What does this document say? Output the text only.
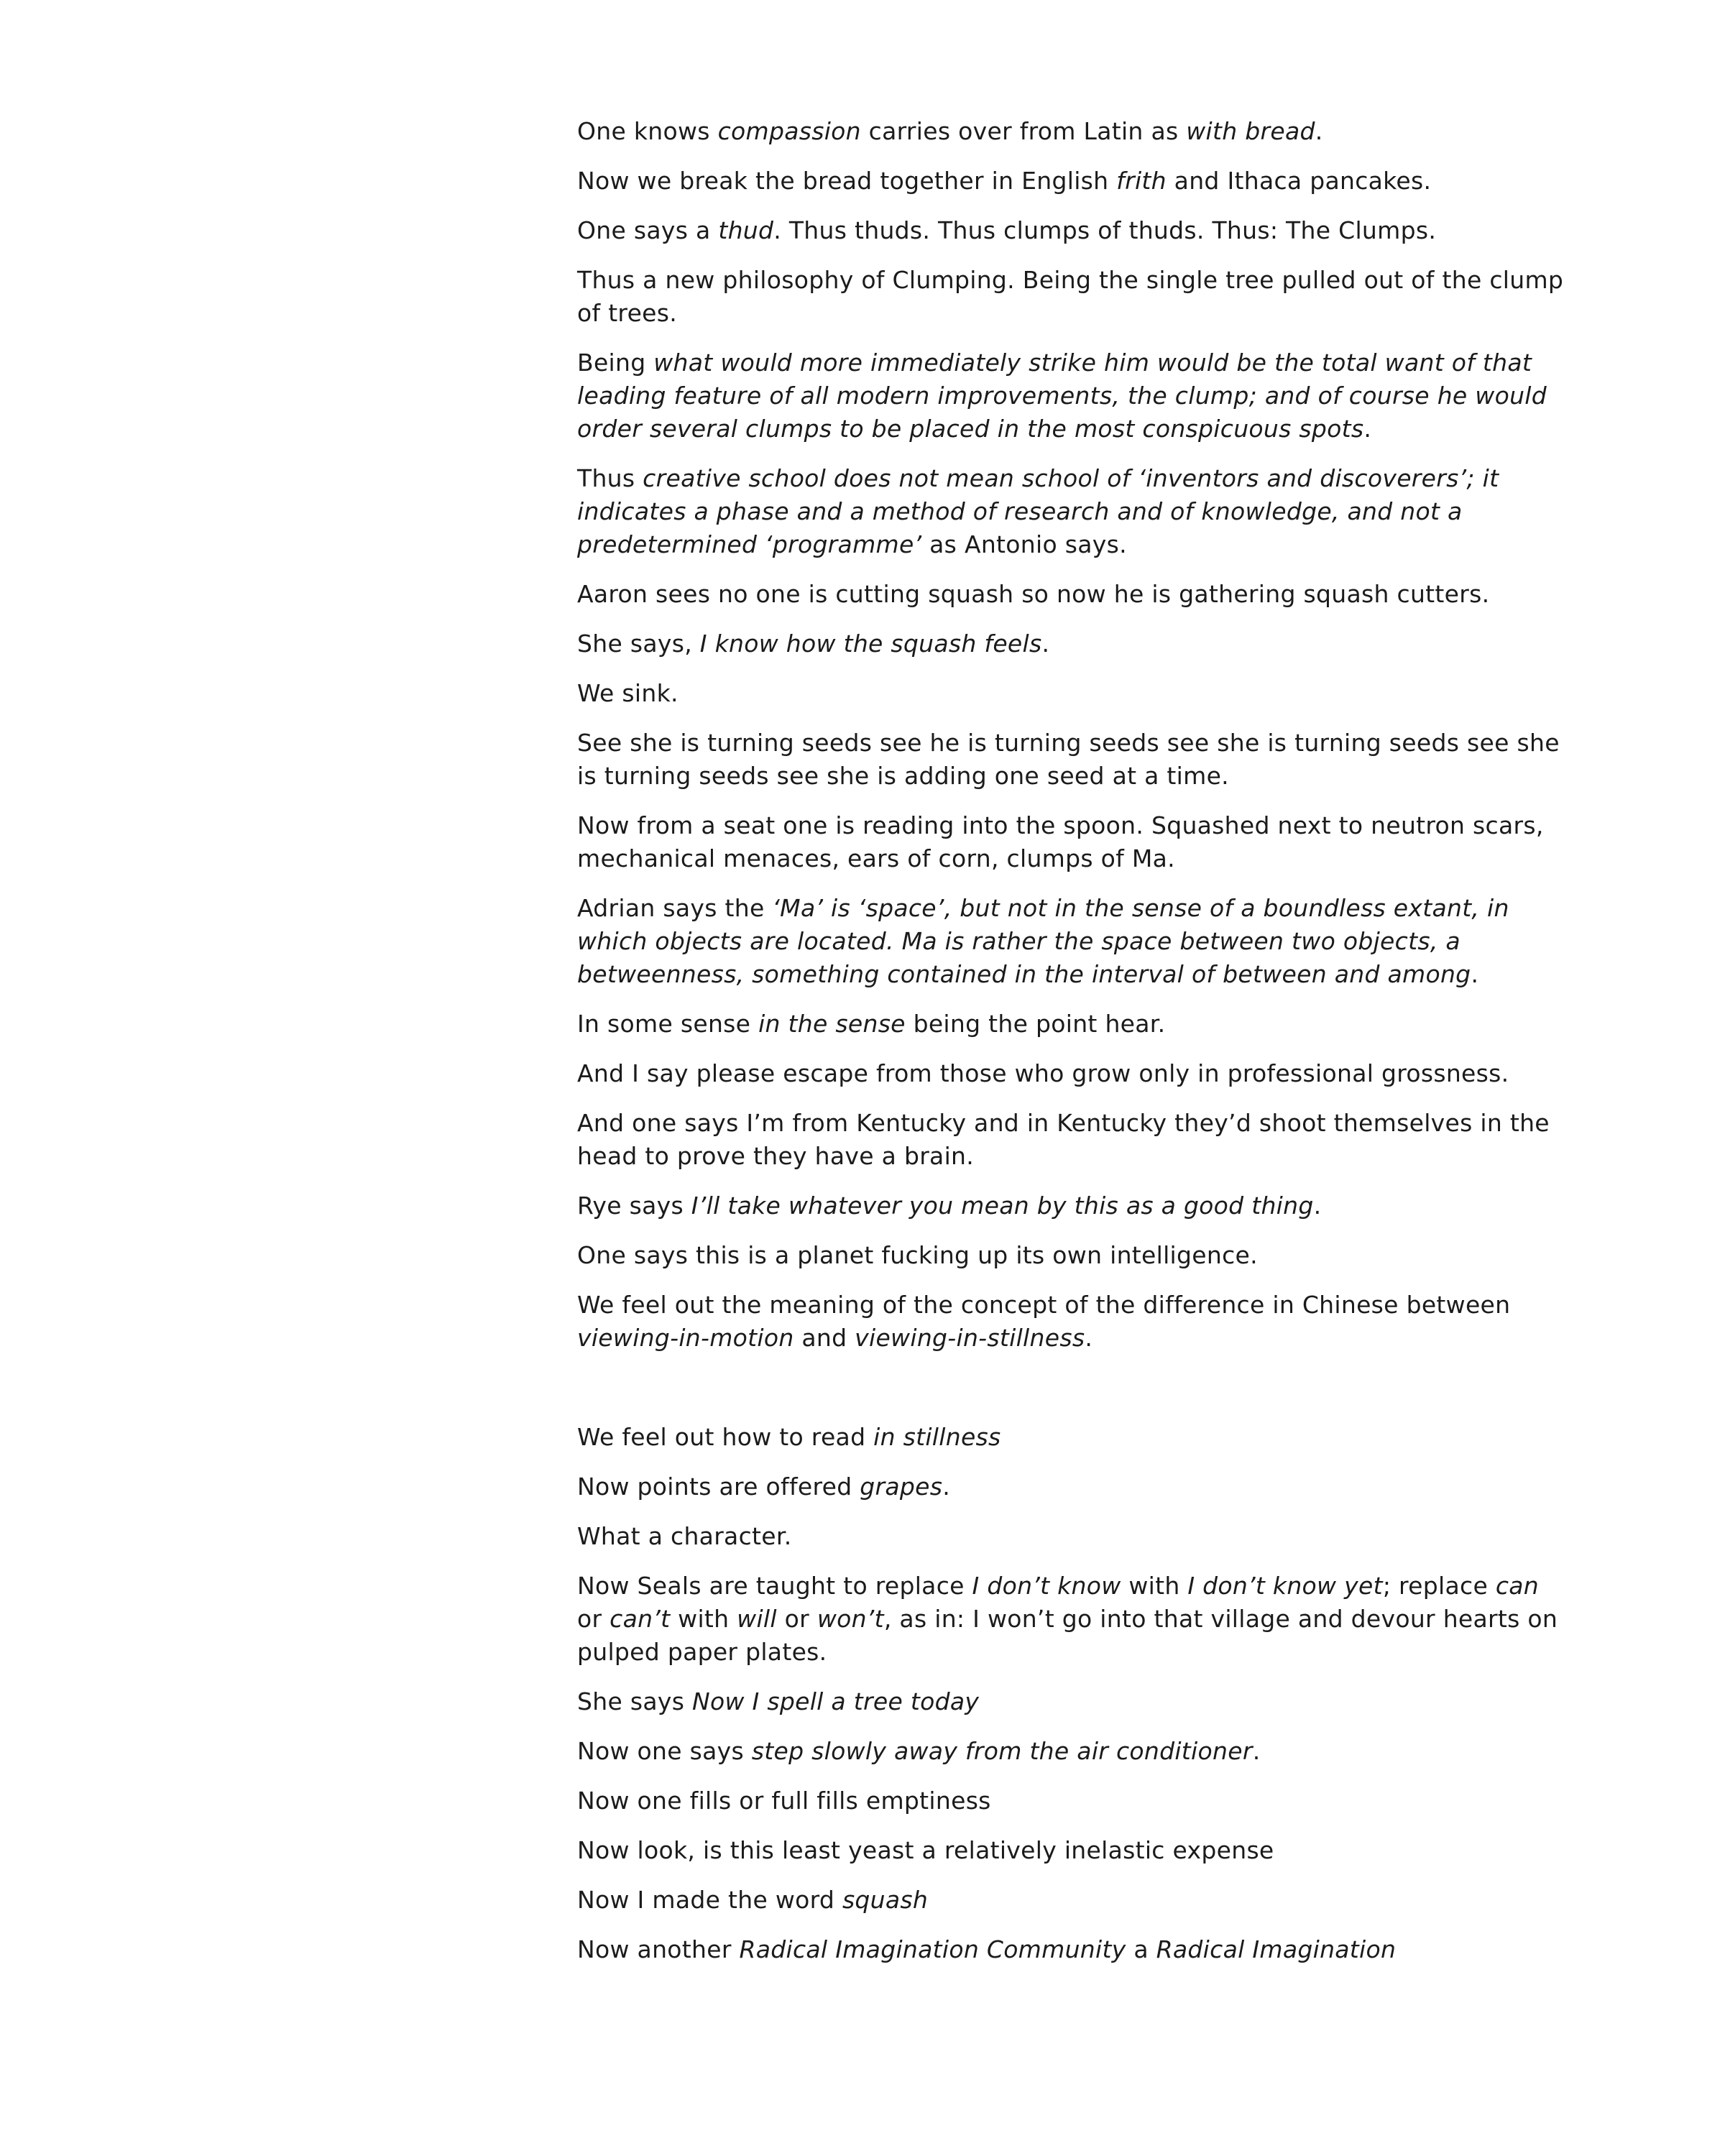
One knows compassion carries over from Latin as with bread.

Now we break the bread together in English frith and Ithaca pancakes.

One says a thud. Thus thuds. Thus clumps of thuds. Thus: The Clumps.

Thus a new philosophy of Clumping. Being the single tree pulled out of the clump of trees.

Being what would more immediately strike him would be the total want of that leading feature of all modern improvements, the clump; and of course he would order several clumps to be placed in the most conspicuous spots.

Thus creative school does not mean school of ‘inventors and discoverers’; it indicates a phase and a method of research and of knowledge, and not a predetermined ‘programme’ as Antonio says.

Aaron sees no one is cutting squash so now he is gathering squash cutters.

She says, I know how the squash feels.

We sink.

See she is turning seeds see he is turning seeds see she is turning seeds see she is turning seeds see she is adding one seed at a time.

Now from a seat one is reading into the spoon. Squashed next to neutron scars, mechanical menaces, ears of corn, clumps of Ma.

Adrian says the ‘Ma’ is ‘space’, but not in the sense of a boundless extant, in which objects are located. Ma is rather the space between two objects, a betweenness, something contained in the interval of between and among.

In some sense in the sense being the point hear.

And I say please escape from those who grow only in professional grossness.

And one says I’m from Kentucky and in Kentucky they’d shoot themselves in the head to prove they have a brain.

Rye says I’ll take whatever you mean by this as a good thing.

One says this is a planet fucking up its own intelligence.

We feel out the meaning of the concept of the difference in Chinese between viewing-in-motion and viewing-in-stillness.

We feel out how to read in stillness

Now points are offered grapes.

What a character.

Now Seals are taught to replace I don’t know with I don’t know yet; replace can or can’t with will or won’t, as in: I won’t go into that village and devour hearts on pulped paper plates.

She says Now I spell a tree today

Now one says step slowly away from the air conditioner.

Now one fills or full fills emptiness

Now look, is this least yeast a relatively inelastic expense

Now I made the word squash

Now another Radical Imagination Community a Radical Imagination
